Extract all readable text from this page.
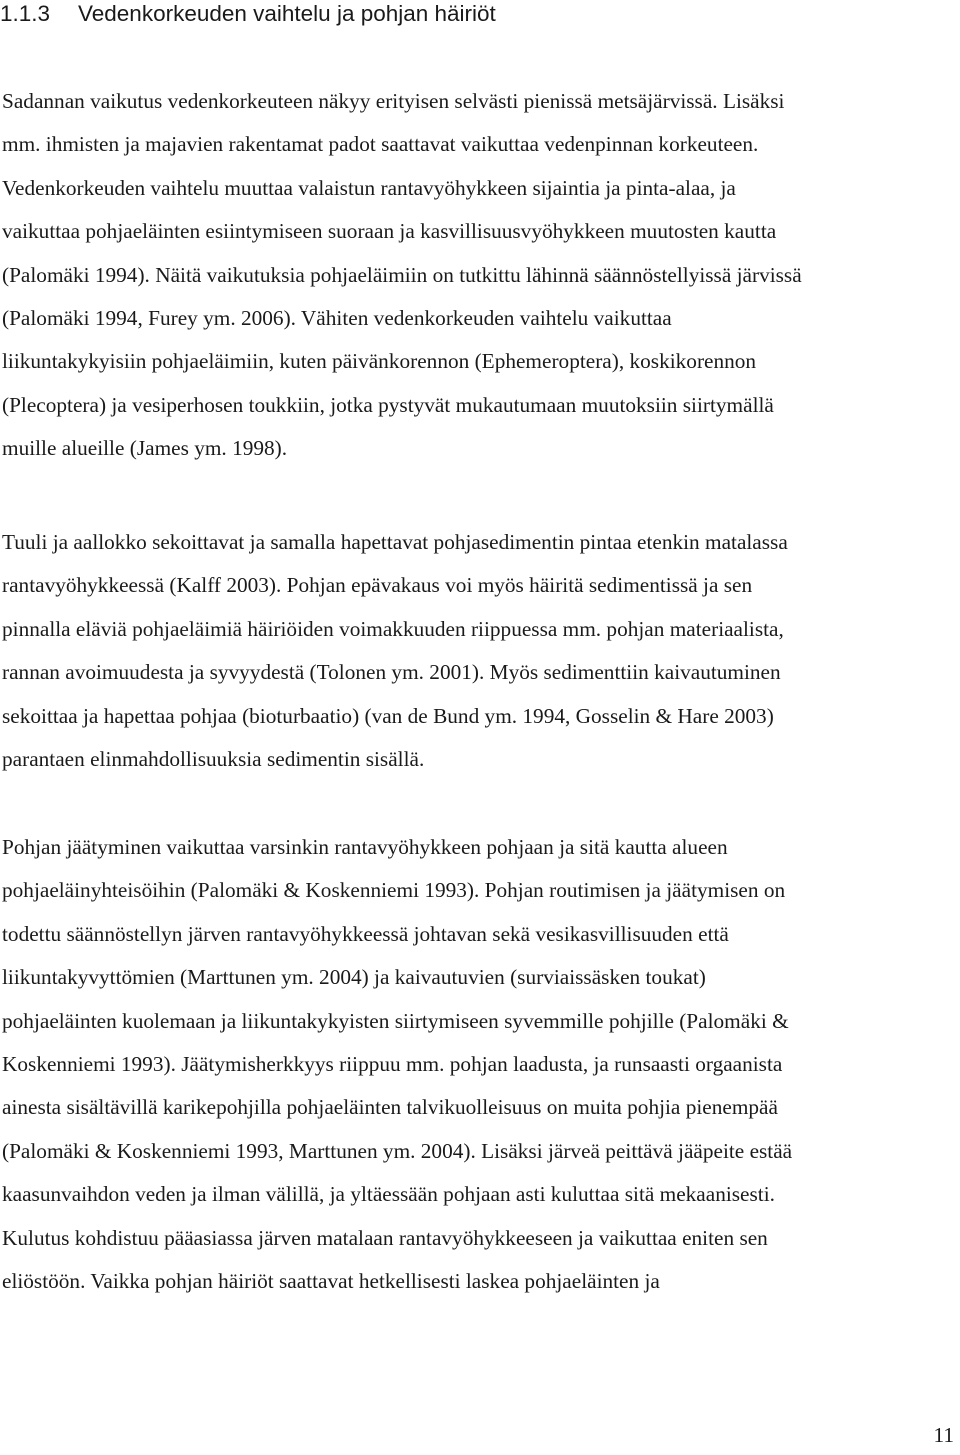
1.1.3 Vedenkorkeuden vaihtelu ja pohjan häiriöt

Sadannan vaikutus vedenkorkeuteen näkyy erityisen selvästi pienissä metsäjärvissä. Lisäksi
mm. ihmisten ja majavien rakentamat padot saattavat vaikuttaa vedenpinnan korkeuteen.
Vedenkorkeuden vaihtelu muuttaa valaistun rantavyöhykkeen sijaintia ja pinta-alaa, ja
vaikuttaa pohjaeläinten esiintymiseen suoraan ja kasvillisuusvyöhykkeen muutosten kautta
(Palomäki 1994). Näitä vaikutuksia pohjaeläimiin on tutkittu lähinnä säännöstellyissä järvissä
(Palomäki 1994, Furey ym. 2006). Vähiten vedenkorkeuden vaihtelu vaikuttaa
liikuntakykyisiin pohjaeläimiin, kuten päivänkorennon (Ephemeroptera), koskikorennon
(Plecoptera) ja vesiperhosen toukkiin, jotka pystyvät mukautumaan muutoksiin siirtymällä
muille alueille (James ym. 1998).

Tuuli ja aallokko sekoittavat ja samalla hapettavat pohjasedimentin pintaa etenkin matalassa
rantavyöhykkeessä (Kalff 2003). Pohjan epävakaus voi myös häiritä sedimentissä ja sen
pinnalla eläviä pohjaeläimiä häiriöiden voimakkuuden riippuessa mm. pohjan materiaalista,
rannan avoimuudesta ja syvyydestä (Tolonen ym. 2001). Myös sedimenttiin kaivautuminen
sekoittaa ja hapettaa pohjaa (bioturbaatio) (van de Bund ym. 1994, Gosselin & Hare 2003)
parantaen elinmahdollisuuksia sedimentin sisällä.

Pohjan jäätyminen vaikuttaa varsinkin rantavyöhykkeen pohjaan ja sitä kautta alueen
pohjaeläinyhteisöihin (Palomäki & Koskenniemi 1993). Pohjan routimisen ja jäätymisen on
todettu säännöstellyn järven rantavyöhykkeessä johtavan sekä vesikasvillisuuden että
liikuntakyvyttömien (Marttunen ym. 2004) ja kaivautuvien (surviaissäsken toukat)
pohjaeläinten kuolemaan ja liikuntakykyisten siirtymiseen syvemmille pohjille (Palomäki &
Koskenniemi 1993). Jäätymisherkkyys riippuu mm. pohjan laadusta, ja runsaasti orgaanista
ainesta sisältävillä karikepohjilla pohjaeläinten talvikuolleisuus on muita pohjia pienempää
(Palomäki & Koskenniemi 1993, Marttunen ym. 2004). Lisäksi järveä peittävä jääpeite estää
kaasunvaihdon veden ja ilman välillä, ja yltäessään pohjaan asti kuluttaa sitä mekaanisesti.
Kulutus kohdistuu pääasiassa järven matalaan rantavyöhykkeeseen ja vaikuttaa eniten sen
eliöstöön. Vaikka pohjan häiriöt saattavat hetkellisesti laskea pohjaeläinten ja

11
